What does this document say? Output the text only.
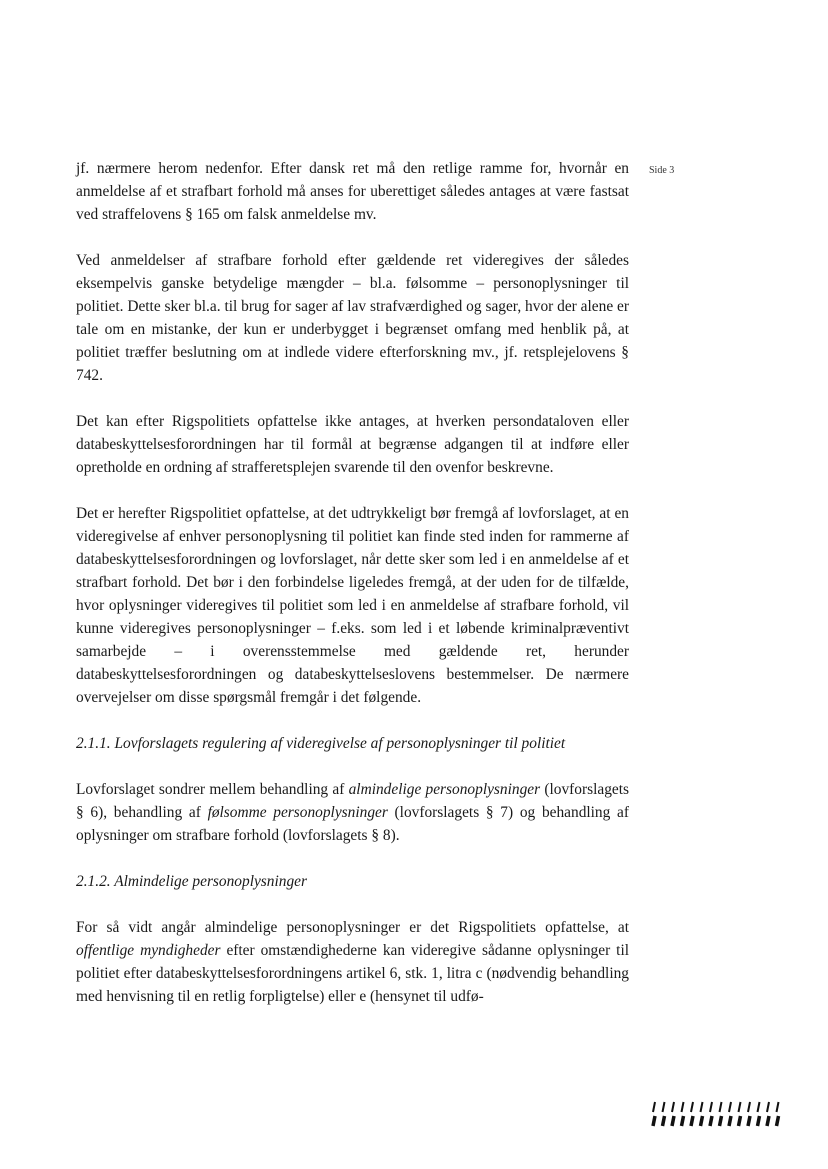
Side 3

jf. nærmere herom nedenfor. Efter dansk ret må den retlige ramme for, hvornår en anmeldelse af et strafbart forhold må anses for uberettiget således antages at være fastsat ved straffelovens § 165 om falsk anmeldelse mv.

Ved anmeldelser af strafbare forhold efter gældende ret videregives der således eksempelvis ganske betydelige mængder – bl.a. følsomme – personoplysninger til politiet. Dette sker bl.a. til brug for sager af lav strafværdighed og sager, hvor der alene er tale om en mistanke, der kun er underbygget i begrænset omfang med henblik på, at politiet træffer beslutning om at indlede videre efterforskning mv., jf. retsplejelovens § 742.

Det kan efter Rigspolitiets opfattelse ikke antages, at hverken persondataloven eller databeskyttelsesforordningen har til formål at begrænse adgangen til at indføre eller opretholde en ordning af strafferetsplejen svarende til den ovenfor beskrevne.

Det er herefter Rigspolitiet opfattelse, at det udtrykkeligt bør fremgå af lovforslaget, at en videregivelse af enhver personoplysning til politiet kan finde sted inden for rammerne af databeskyttelsesforordningen og lovforslaget, når dette sker som led i en anmeldelse af et strafbart forhold. Det bør i den forbindelse ligeledes fremgå, at der uden for de tilfælde, hvor oplysninger videregives til politiet som led i en anmeldelse af strafbare forhold, vil kunne videregives personoplysninger – f.eks. som led i et løbende kriminalpræventivt samarbejde – i overensstemmelse med gældende ret, herunder databeskyttelsesforordningen og databeskyttelseslovens bestemmelser. De nærmere overvejelser om disse spørgsmål fremgår i det følgende.

2.1.1. Lovforslagets regulering af videregivelse af personoplysninger til politiet

Lovforslaget sondrer mellem behandling af almindelige personoplysninger (lovforslagets § 6), behandling af følsomme personoplysninger (lovforslagets § 7) og behandling af oplysninger om strafbare forhold (lovforslagets § 8).

2.1.2. Almindelige personoplysninger

For så vidt angår almindelige personoplysninger er det Rigspolitiets opfattelse, at offentlige myndigheder efter omstændighederne kan videregive sådanne oplysninger til politiet efter databeskyttelsesforordningens artikel 6, stk. 1, litra c (nødvendig behandling med henvisning til en retlig forpligtelse) eller e (hensynet til udfø-
